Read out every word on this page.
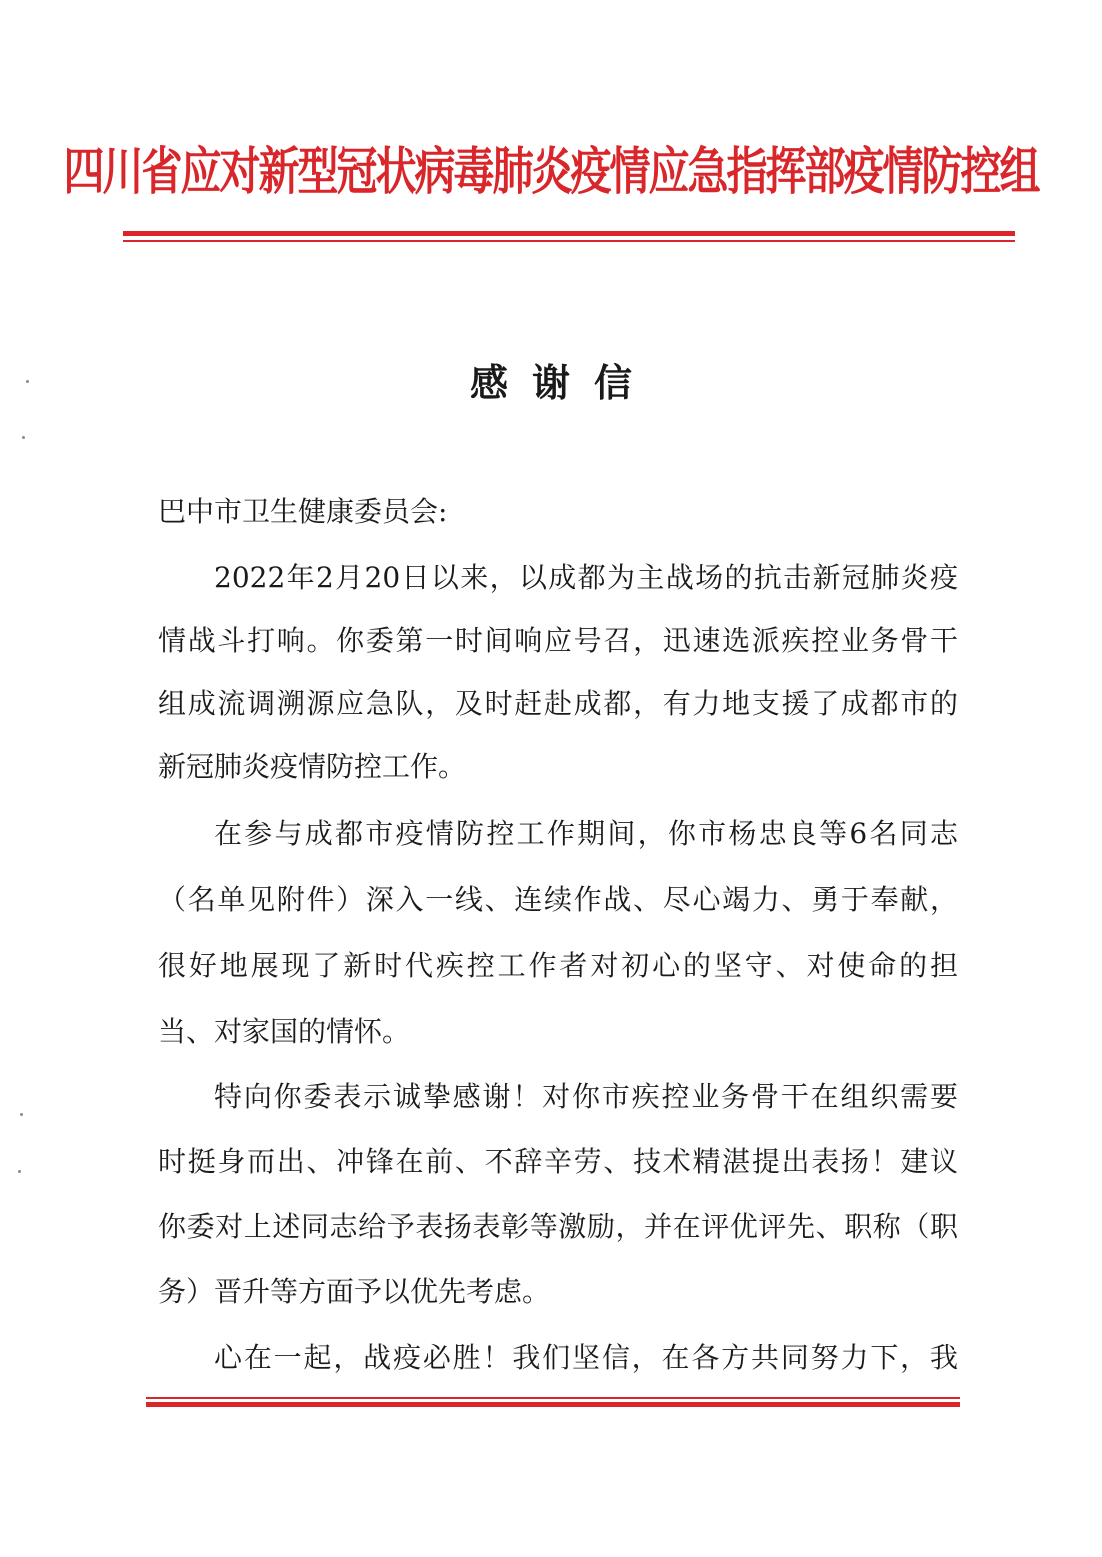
四川省应对新型冠状病毒肺炎疫情应急指挥部疫情防控组
感谢信
巴中市卫生健康委员会:
2022年2月20日以来，以成都为主战场的抗击新冠肺炎疫
情战斗打响。你委第一时间响应号召，迅速选派疾控业务骨干
组成流调溯源应急队，及时赶赴成都，有力地支援了成都市的
新冠肺炎疫情防控工作。
在参与成都市疫情防控工作期间，你市杨忠良等6名同志
（名单见附件）深入一线、连续作战、尽心竭力、勇于奉献，
很好地展现了新时代疾控工作者对初心的坚守、对使命的担
当、对家国的情怀。
特向你委表示诚挚感谢！对你市疾控业务骨干在组织需要
时挺身而出、冲锋在前、不辞辛劳、技术精湛提出表扬！建议
你委对上述同志给予表扬表彰等激励，并在评优评先、职称（职
务）晋升等方面予以优先考虑。
心在一起，战疫必胜！我们坚信，在各方共同努力下，我
